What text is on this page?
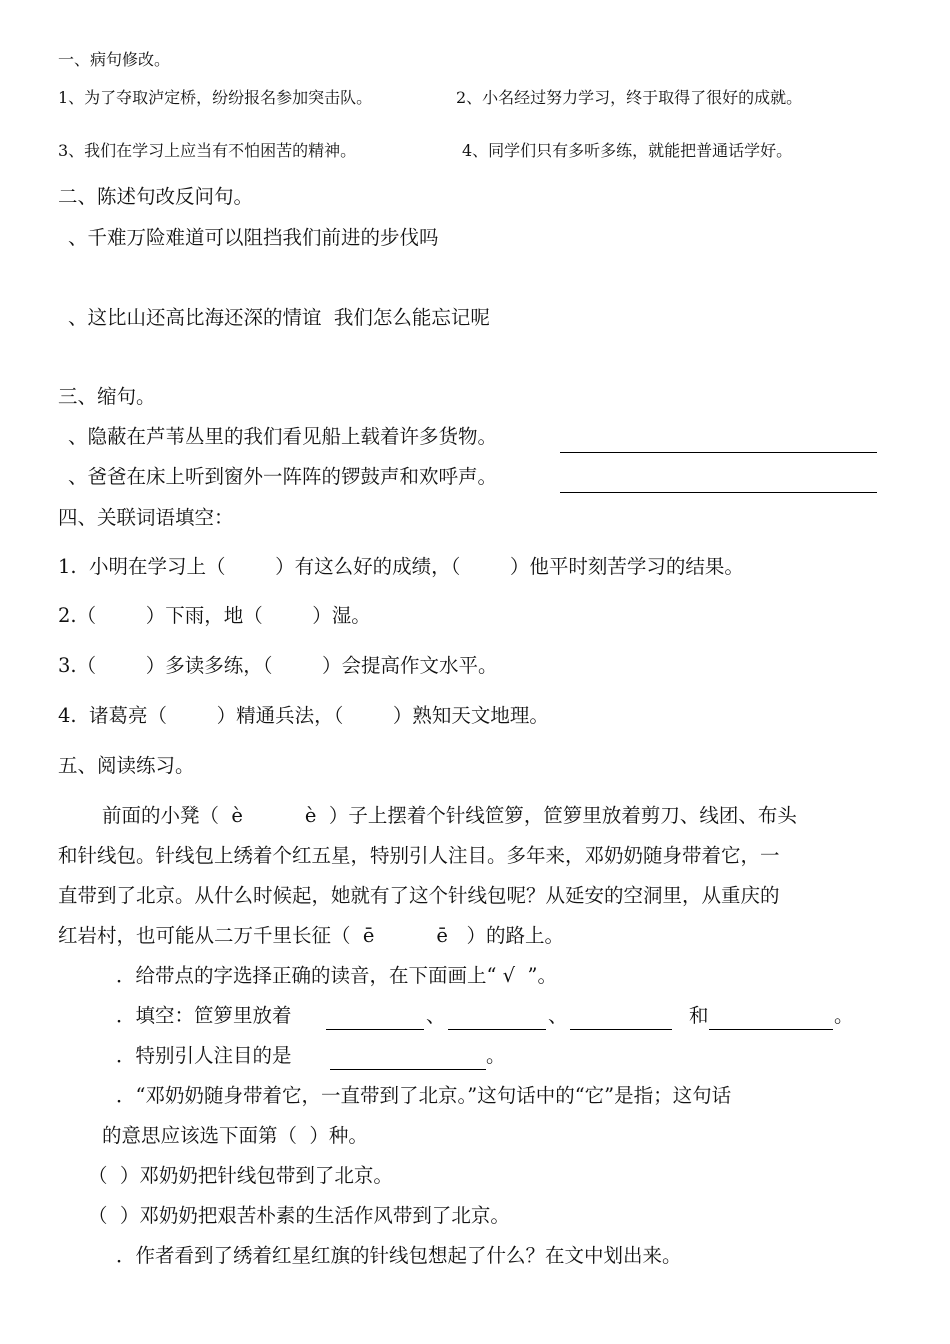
一、病句修改。
1、为了夺取泸定桥，纷纷报名参加突击队。	2、小名经过努力学习，终于取得了很好的成就。
3、我们在学习上应当有不怕困苦的精神。	4、同学们只有多听多练，就能把普通话学好。
二、陈述句改反问句。
、千难万险难道可以阻挡我们前进的步伐吗
、这比山还高比海还深的情谊  我们怎么能忘记呢
三、缩句。
、隐蔽在芦苇丛里的我们看见船上载着许多货物。
、爸爸在床上听到窗外一阵阵的锣鼓声和欢呼声。
四、关联词语填空：
1.  小明在学习上（        ）有这么好的成绩，（        ）他平时刻苦学习的结果。
2.（        ）下雨，地（        ）湿。
3.（        ）多读多练，（        ）会提高作文水平。
4.  诸葛亮（        ）精通兵法，（        ）熟知天文地理。
五、阅读练习。
前面的小凳（  è          è  ）子上摆着个针线笸箩，笸箩里放着剪刀、线团、布头
和针线包。针线包上绣着个红五星，特别引人注目。多年来，邓奶奶随身带着它，一
直带到了北京。从什么时候起，她就有了这个针线包呢？从延安的空洞里，从重庆的
红岩村，也可能从二万千里长征（  ē          ē   ）的路上。
．给带点的字选择正确的读音，在下面画上“ √  ”。
．填空：笸箩里放着	、	、	和	。
．特别引人注目的是	。
．“邓奶奶随身带着它，一直带到了北京。”这句话中的“它”是指；这句话
的意思应该选下面第（  ）种。
（  ）邓奶奶把针线包带到了北京。
（  ）邓奶奶把艰苦朴素的生活作风带到了北京。
．作者看到了绣着红星红旗的针线包想起了什么？在文中划出来。
